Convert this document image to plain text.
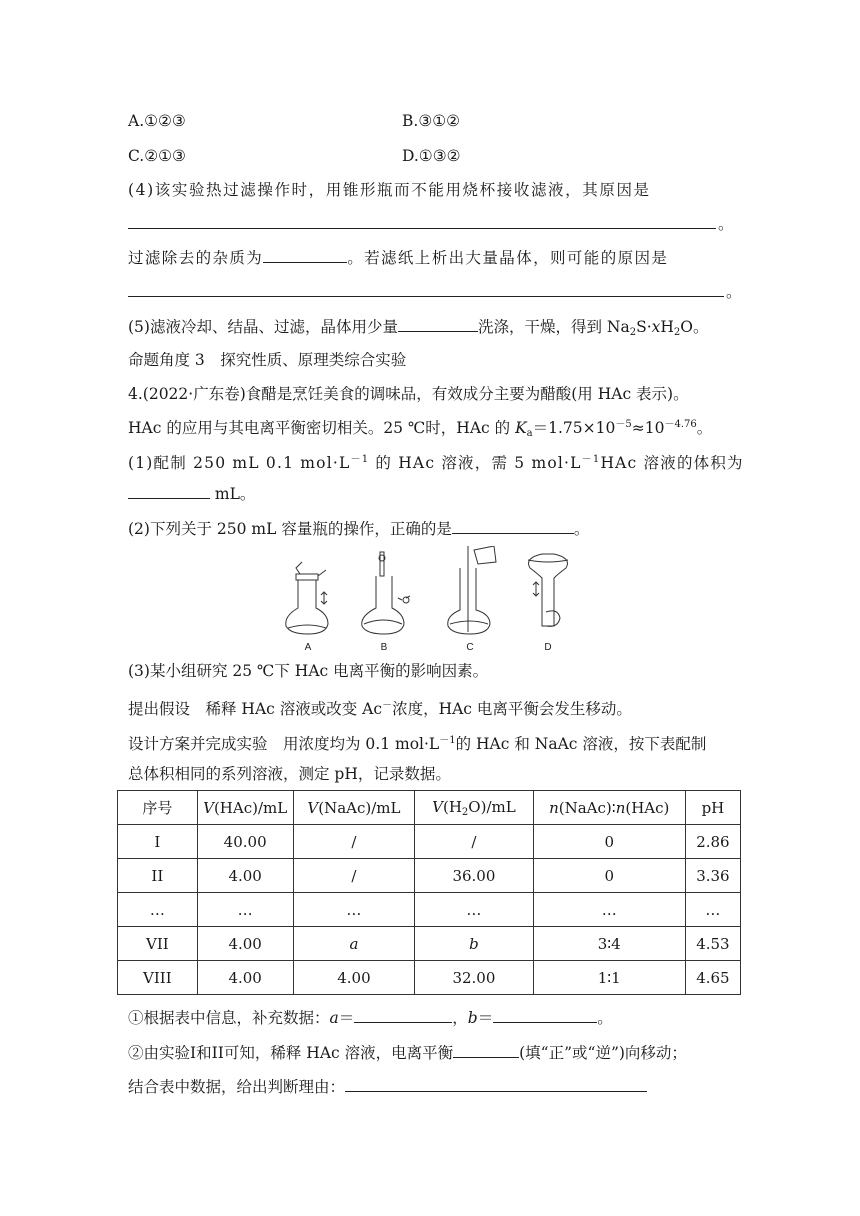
A.①②③	B.③①②
C.②①③	D.①③②
(4)该实验热过滤操作时，用锥形瓶而不能用烧杯接收滤液，其原因是
。
过滤除去的杂质为	。若滤纸上析出大量晶体，则可能的原因是
。
(5)滤液冷却、结晶、过滤，晶体用少量	洗涤，干燥，得到 $Na_2S\cdot xH_2O$。
命题角度 3　探究性质、原理类综合实验
4.(2022·广东卷)食醋是烹饪美食的调味品，有效成分主要为醋酸(用 HAc 表示)。
HAc 的应用与其电离平衡密切相关。25 ℃时，HAc 的 $K_a=1.75\times 10^{-5}\approx 10^{-4.76}$。
(1)配制 250 mL 0.1 $mol\cdot L^{-1}$ 的 HAc 溶液，需 5 $mol\cdot L^{-1}HAc$ 溶液的体积为
mL。
(2)下列关于 250 mL 容量瓶的操作，正确的是	。
A	B	C	D
(3)某小组研究 25 ℃下 HAc 电离平衡的影响因素。
提出假设　稀释 HAc 溶液或改变 Ac－浓度，HAc 电离平衡会发生移动。
设计方案并完成实验　用浓度均为 0.1 $mol\cdot L^{-1}$的 HAc 和 NaAc 溶液，按下表配制
总体积相同的系列溶液，测定 pH，记录数据。
序号	V(HAc)/mL	V(NaAc)/mL	$V(H_2O)/mL$	n(NaAc)∶n(HAc)	pH
I	40.00	/	/	0	2.86
II	4.00	/	36.00	0	3.36
…	…	…	…	…	…
VII	4.00	a	b	3∶4	4.53
VIII	4.00	4.00	32.00	1∶1	4.65
①根据表中信息，补充数据：a＝	，b＝	。
②由实验I和II可知，稀释 HAc 溶液，电离平衡	(填“正”或“逆”)向移动；
结合表中数据，给出判断理由：
